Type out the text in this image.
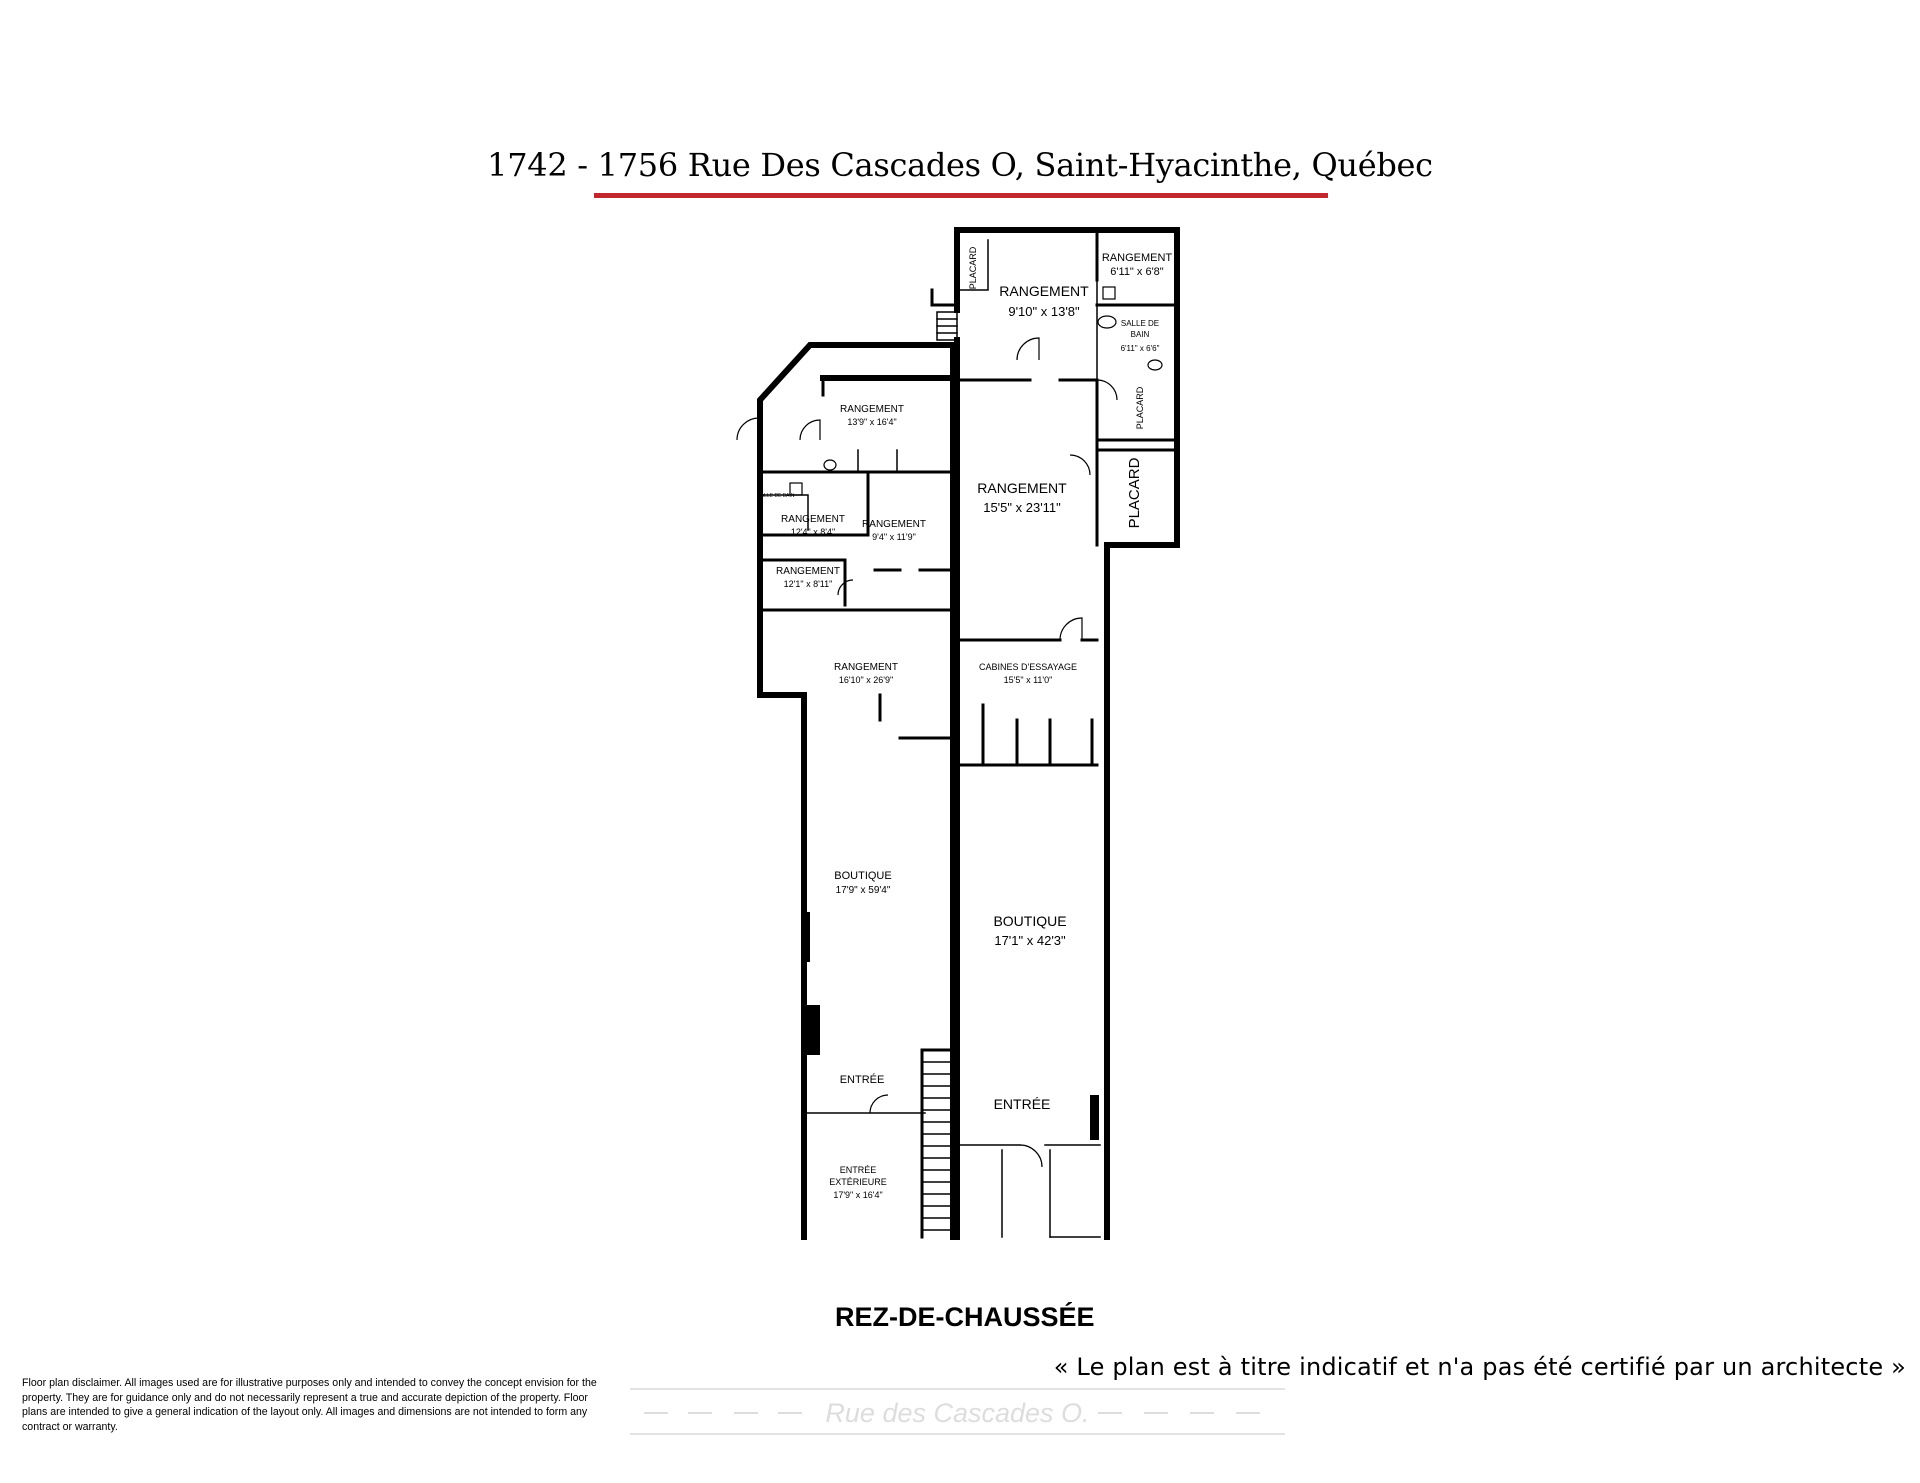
1742 - 1756 Rue Des Cascades O, Saint-Hyacinthe, Québec
RANGEMENT
13'9" x 16'4"
SALLE DE BAIN
RANGEMENT
12'4" x 8'4"
RANGEMENT
9'4" x 11'9"
RANGEMENT
12'1" x 8'11"
RANGEMENT
16'10" x 26'9"
BOUTIQUE
17'9" x 59'4"
ENTRÉE
ENTRÉE
EXTÉRIEURE
17'9" x 16'4"
PLACARD
RANGEMENT
9'10" x 13'8"
RANGEMENT
6'11" x 6'8"
SALLE DE
BAIN
6'11" x 6'6"
PLACARD
PLACARD
RANGEMENT
15'5" x 23'11"
CABINES D'ESSAYAGE
15'5" x 11'0"
BOUTIQUE
17'1" x 42'3"
ENTRÉE
REZ-DE-CHAUSSÉE
« Le plan est à titre indicatif et n'a pas été certifié par un architecte »
Floor plan disclaimer. All images used are for illustrative purposes only and intended to convey the concept envision for the property. They are for guidance only and do not necessarily represent a true and accurate depiction of the property. Floor plans are intended to give a general indication of the layout only. All images and dimensions are not intended to form any contract or warranty.	Rue des Cascades O.
